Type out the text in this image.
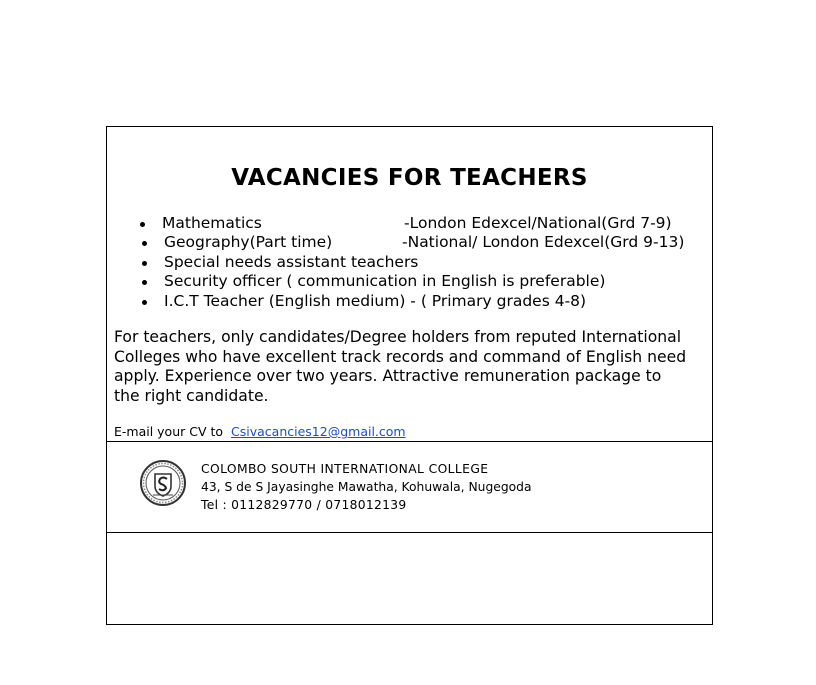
VACANCIES FOR TEACHERS
Mathematics	-London Edexcel/National(Grd 7-9)
Geography(Part time)	-National/ London Edexcel(Grd 9-13)
Special needs assistant teachers
Security officer ( communication in English is preferable)
I.C.T Teacher (English medium) - ( Primary grades 4-8)
For teachers, only candidates/Degree holders from reputed International
Colleges who have excellent track records and command of English need
apply. Experience over two years. Attractive remuneration package to
the right candidate.
E-mail your CV to Csivacancies12@gmail.com
COLOMBO SOUTH INTERNATIONAL COLLEGE
43, S de S Jayasinghe Mawatha, Kohuwala, Nugegoda
Tel : 0112829770 / 0718012139
